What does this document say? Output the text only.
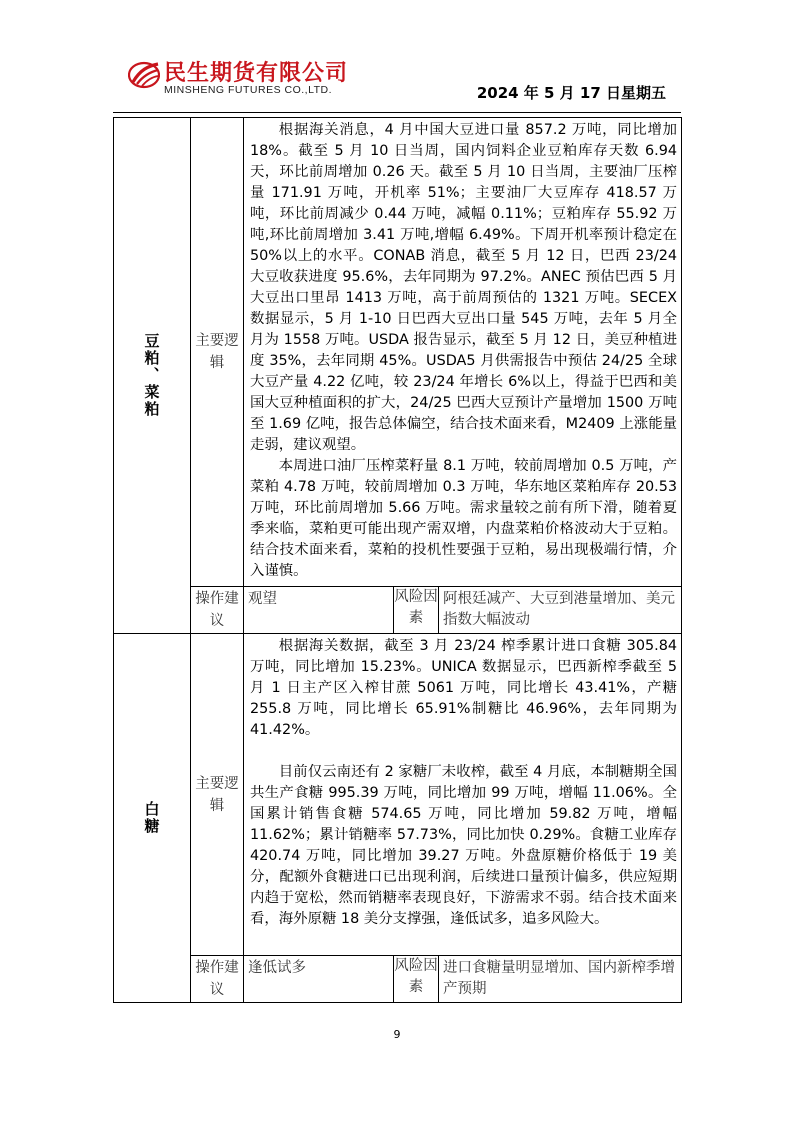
民生期货有限公司
MINSHENG FUTURES CO.,LTD.	2024 年 5 月 17 日星期五
豆粕、菜粕	主要逻辑	根据海关消息，4 月中国大豆进口量 857.2 万吨，同比增加 18%。截至 5 月 10 日当周，国内饲料企业豆粕库存天数 6.94 天，环比前周增加 0.26 天。截至 5 月 10 日当周，主要油厂压榨量 171.91 万吨，开机率 51%；主要油厂大豆库存 418.57 万吨，环比前周减少 0.44 万吨，减幅 0.11%；豆粕库存 55.92 万吨,环比前周增加 3.41 万吨,增幅 6.49%。下周开机率预计稳定在 50%以上的水平。CONAB 消息，截至 5 月 12 日，巴西 23/24 大豆收获进度 95.6%，去年同期为 97.2%。ANEC 预估巴西 5 月大豆出口里昂 1413 万吨，高于前周预估的 1321 万吨。SECEX 数据显示，5 月 1-10 日巴西大豆出口量 545 万吨，去年 5 月全月为 1558 万吨。USDA 报告显示，截至 5 月 12 日，美豆种植进度 35%，去年同期 45%。USDA5 月供需报告中预估 24/25 全球大豆产量 4.22 亿吨，较 23/24 年增长 6%以上，得益于巴西和美国大豆种植面积的扩大，24/25 巴西大豆预计产量增加 1500 万吨至 1.69 亿吨，报告总体偏空，结合技术面来看，M2409 上涨能量走弱，建议观望。

本周进口油厂压榨菜籽量 8.1 万吨，较前周增加 0.5 万吨，产菜粕 4.78 万吨，较前周增加 0.3 万吨，华东地区菜粕库存 20.53 万吨，环比前周增加 5.66 万吨。需求量较之前有所下滑，随着夏季来临，菜粕更可能出现产需双增，内盘菜粕价格波动大于豆粕。结合技术面来看，菜粕的投机性要强于豆粕，易出现极端行情，介入谨慎。		

	操作建议	观望	风险因素	阿根廷减产、大豆到港量增加、美元指数大幅波动

白糖	主要逻辑	根据海关数据，截至 3 月 23/24 榨季累计进口食糖 305.84 万吨，同比增加 15.23%。UNICA 数据显示，巴西新榨季截至 5 月 1 日主产区入榨甘蔗 5061 万吨，同比增长 43.41%，产糖 255.8 万吨，同比增长 65.91%制糖比 46.96%，去年同期为 41.42%。

目前仅云南还有 2 家糖厂未收榨，截至 4 月底，本制糖期全国共生产食糖 995.39 万吨，同比增加 99 万吨，增幅 11.06%。全国累计销售食糖 574.65 万吨，同比增加 59.82 万吨，增幅 11.62%；累计销糖率 57.73%，同比加快 0.29%。食糖工业库存 420.74 万吨，同比增加 39.27 万吨。外盘原糖价格低于 19 美分，配额外食糖进口已出现利润，后续进口量预计偏多，供应短期内趋于宽松，然而销糖率表现良好，下游需求不弱。结合技术面来看，海外原糖 18 美分支撑强，逢低试多，追多风险大。		

	操作建议	逢低试多	风险因素	进口食糖量明显增加、国内新榨季增产预期
9
